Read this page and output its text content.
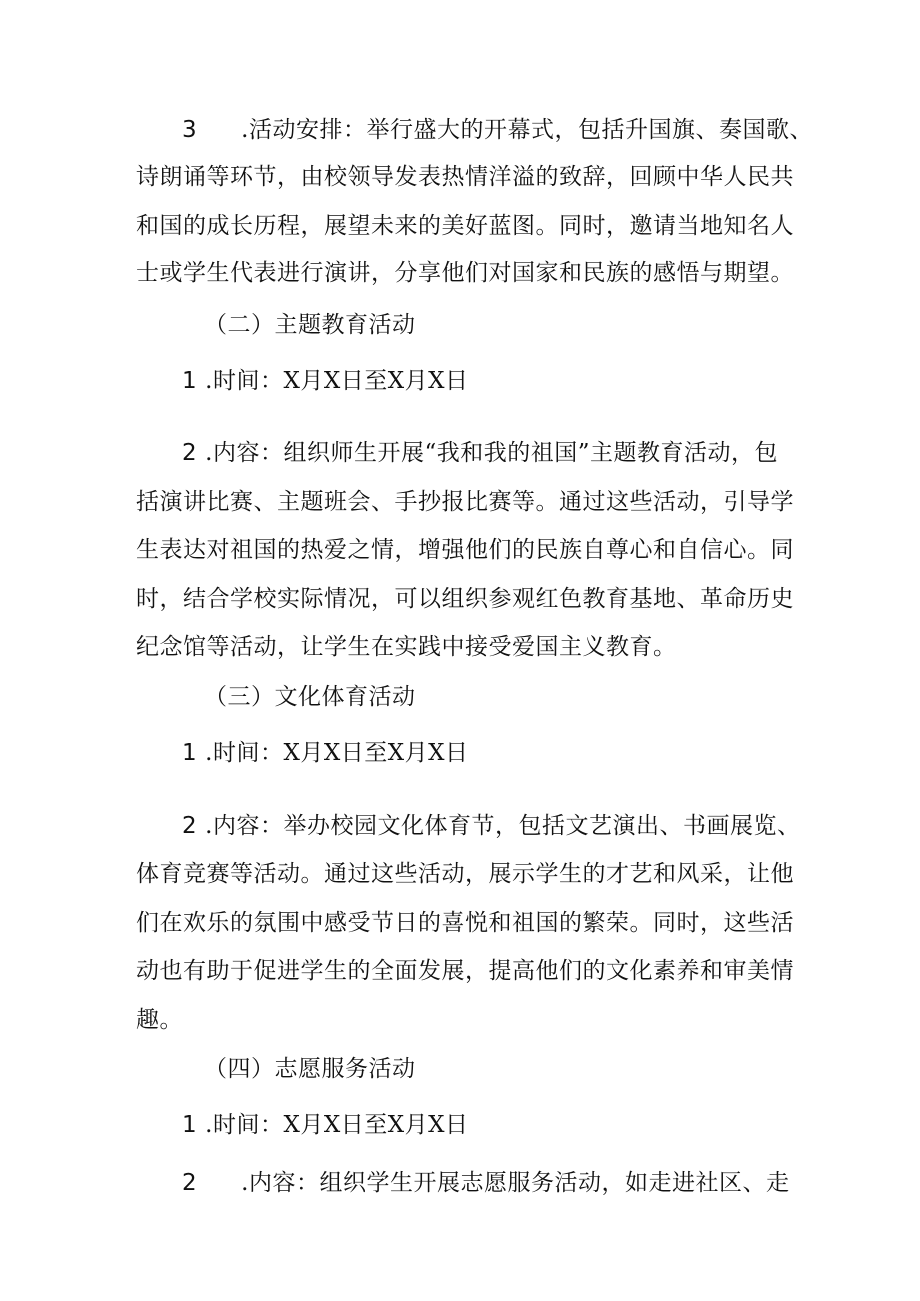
3 .活动安排：举行盛大的开幕式，包括升国旗、奏国歌、
诗朗诵等环节，由校领导发表热情洋溢的致辞，回顾中华人民共
和国的成长历程，展望未来的美好蓝图。同时，邀请当地知名人
士或学生代表进行演讲，分享他们对国家和民族的感悟与期望。
（二）主题教育活动
1 .时间：X月X日至X月X日
2 .内容：组织师生开展“我和我的祖国”主题教育活动，包
括演讲比赛、主题班会、手抄报比赛等。通过这些活动，引导学
生表达对祖国的热爱之情，增强他们的民族自尊心和自信心。同
时，结合学校实际情况，可以组织参观红色教育基地、革命历史
纪念馆等活动，让学生在实践中接受爱国主义教育。
（三）文化体育活动
1 .时间：X月X日至X月X日
2 .内容：举办校园文化体育节，包括文艺演出、书画展览、
体育竞赛等活动。通过这些活动，展示学生的才艺和风采，让他
们在欢乐的氛围中感受节日的喜悦和祖国的繁荣。同时，这些活
动也有助于促进学生的全面发展，提高他们的文化素养和审美情
趣。
（四）志愿服务活动
1 .时间：X月X日至X月X日
2 .内容：组织学生开展志愿服务活动，如走进社区、走
